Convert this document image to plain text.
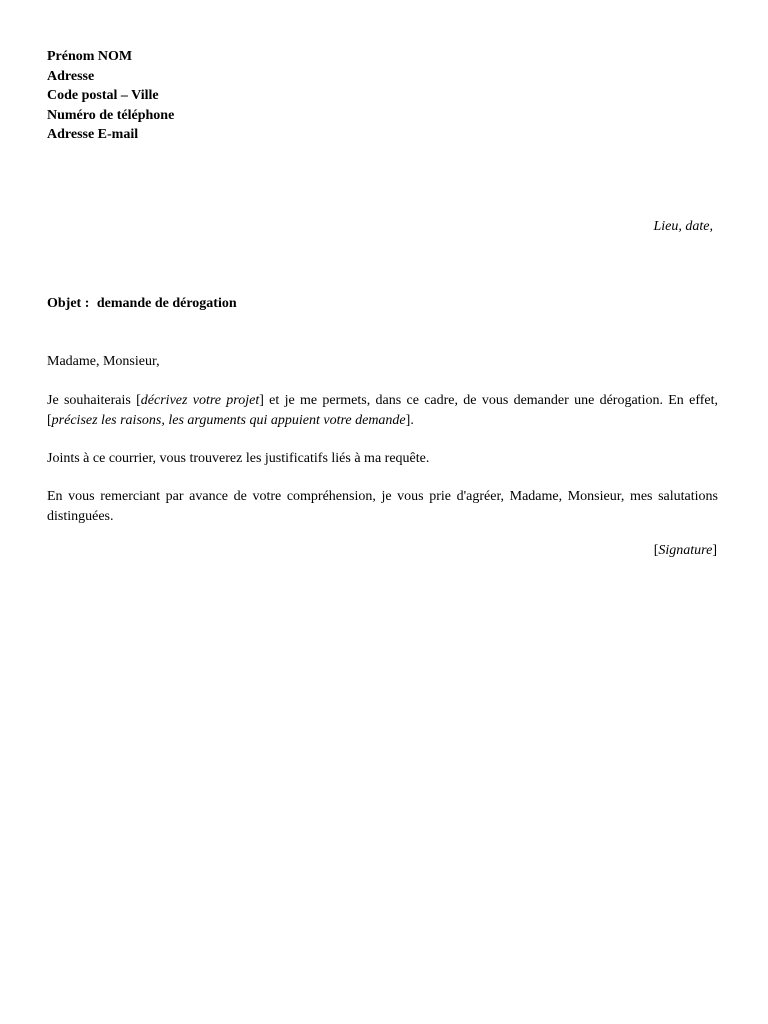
Prénom NOM
Adresse
Code postal – Ville
Numéro de téléphone
Adresse E-mail
Lieu, date,
Objet : demande de dérogation
Madame, Monsieur,
Je souhaiterais [décrivez votre projet] et je me permets, dans ce cadre, de vous demander une dérogation. En effet, [précisez les raisons, les arguments qui appuient votre demande].
Joints à ce courrier, vous trouverez les justificatifs liés à ma requête.
En vous remerciant par avance de votre compréhension, je vous prie d'agréer, Madame, Monsieur, mes salutations distinguées.
[Signature]
